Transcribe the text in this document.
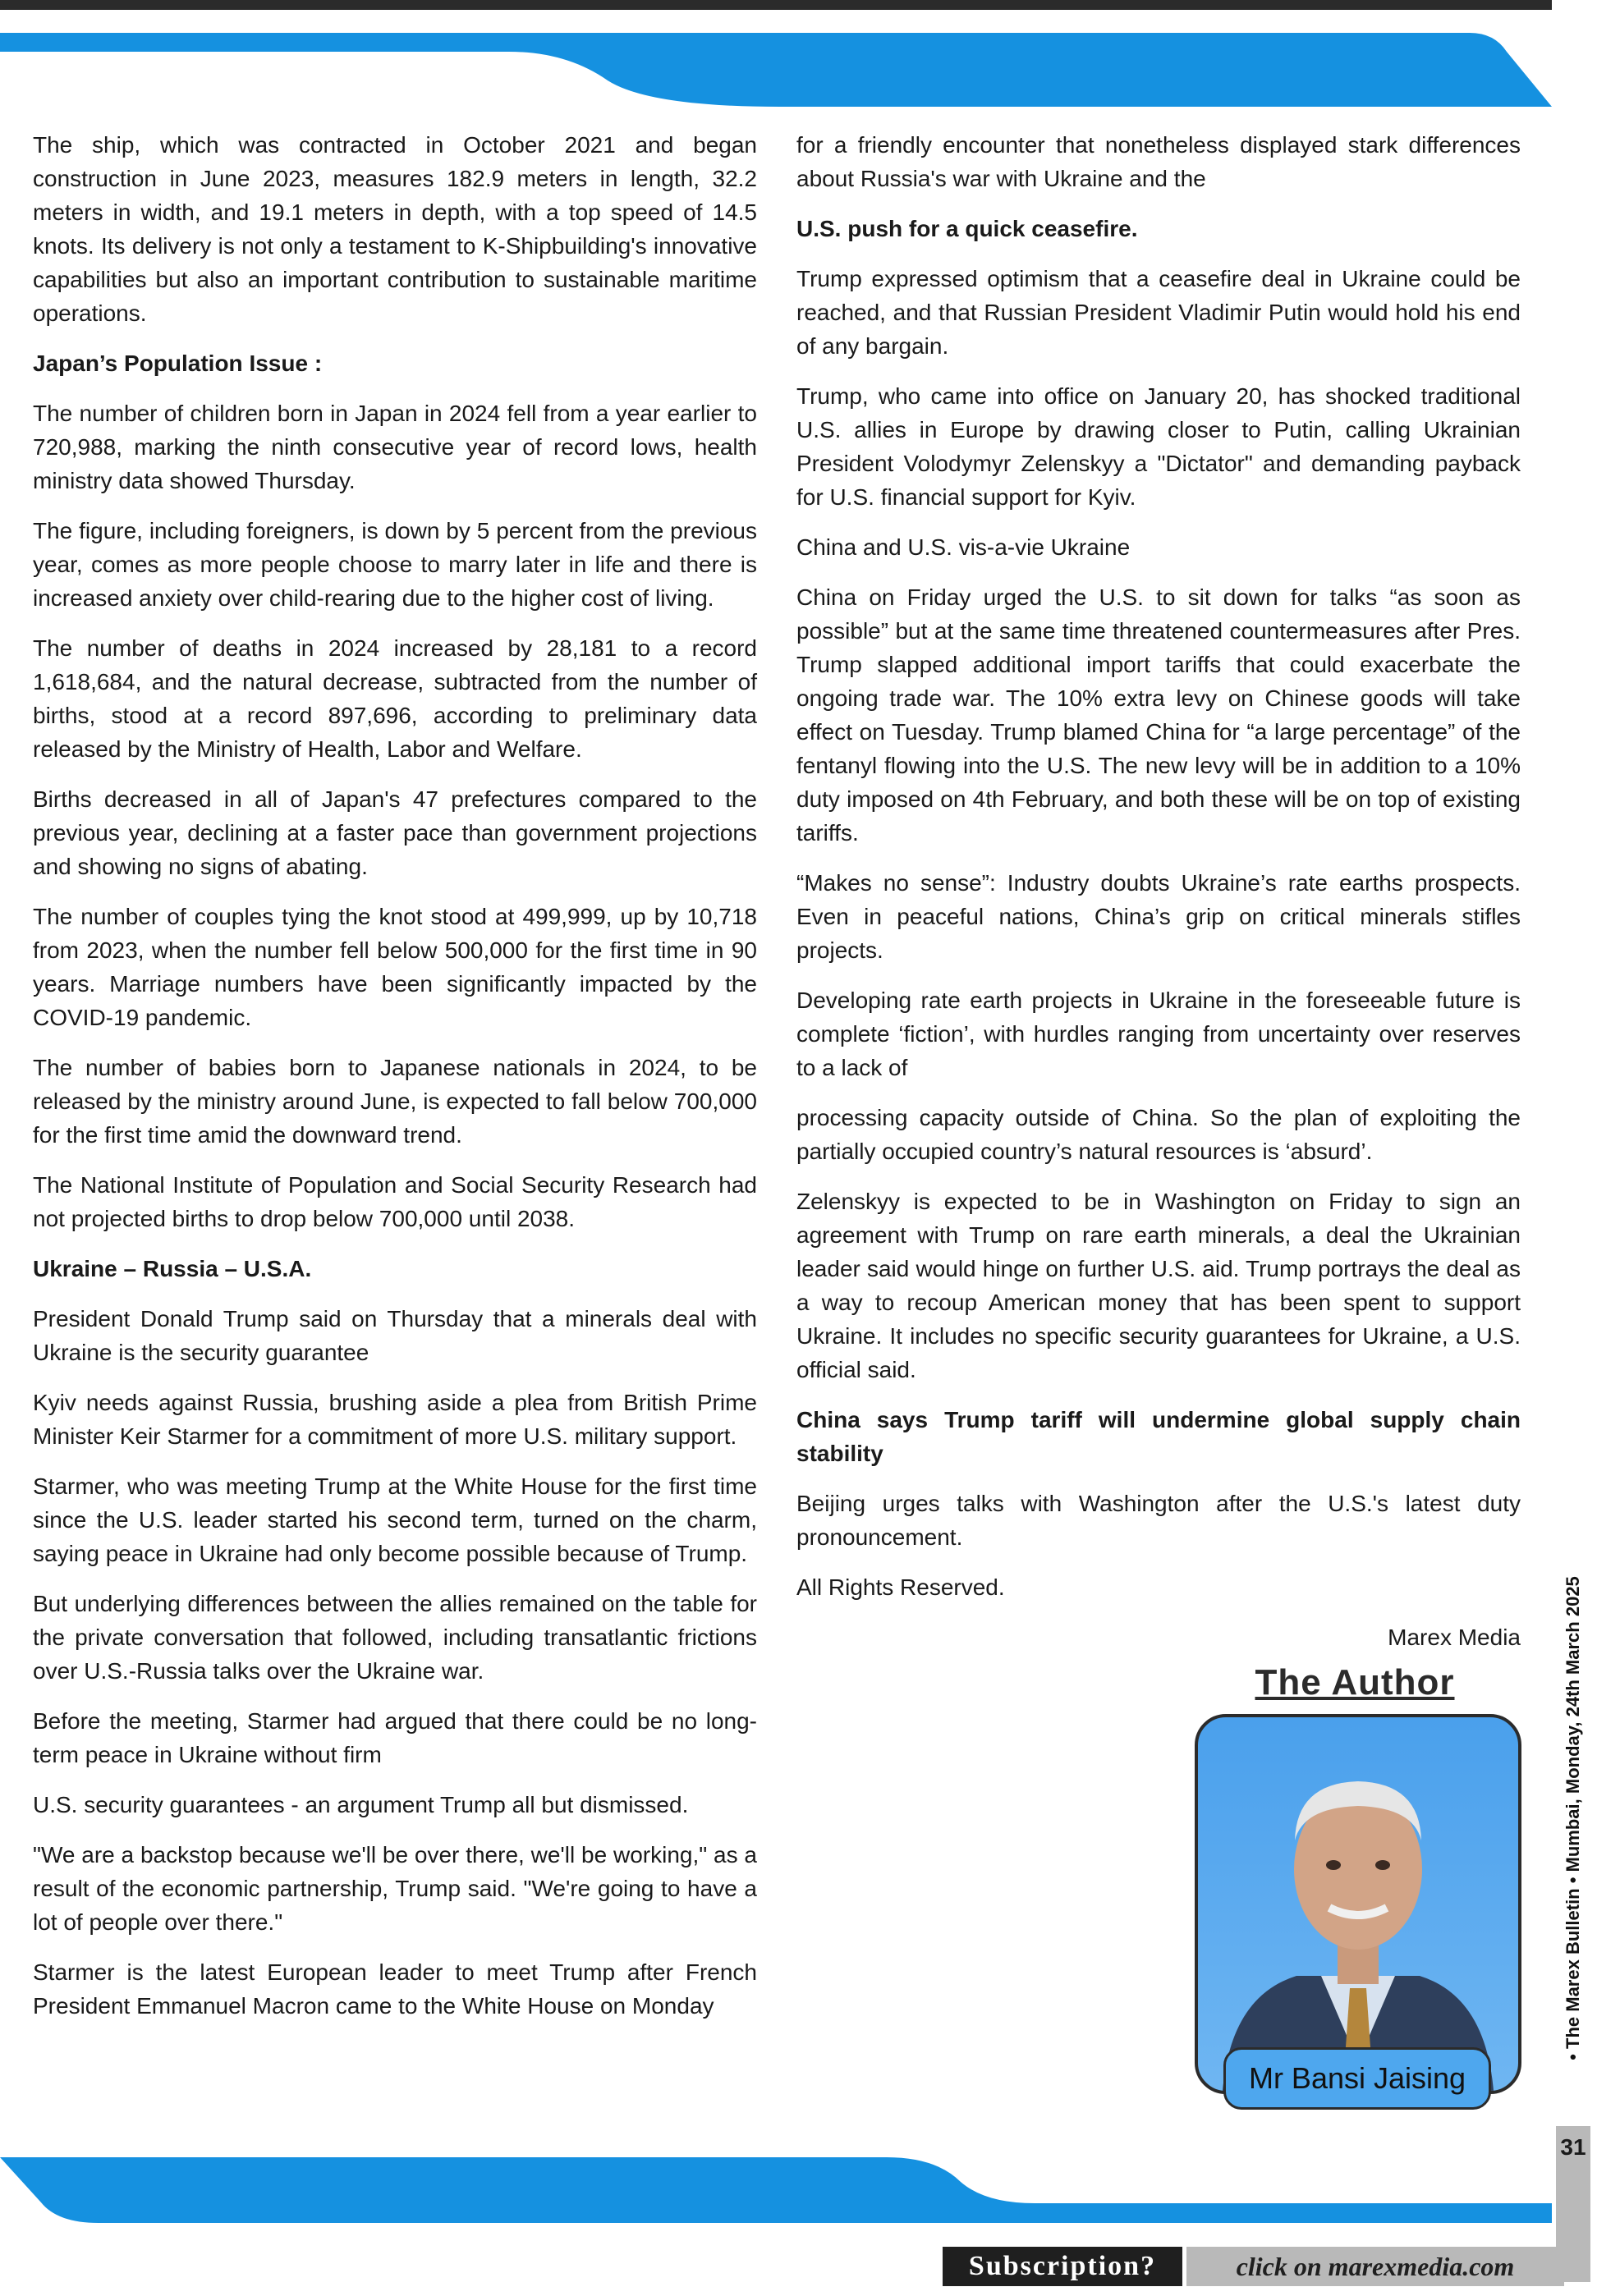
The ship, which was contracted in October 2021 and began construction in June 2023, measures 182.9 meters in length, 32.2 meters in width, and 19.1 meters in depth, with a top speed of 14.5 knots. Its delivery is not only a testament to K-Shipbuilding's innovative capabilities but also an important contribution to sustainable maritime operations.

Japan’s Population Issue :

The number of children born in Japan in 2024 fell from a year earlier to 720,988, marking the ninth consecutive year of record lows, health ministry data showed Thursday.

The figure, including foreigners, is down by 5 percent from the previous year, comes as more people choose to marry later in life and there is increased anxiety over child-rearing due to the higher cost of living.

The number of deaths in 2024 increased by 28,181 to a record 1,618,684, and the natural decrease, subtracted from the number of births, stood at a record 897,696, according to preliminary data released by the Ministry of Health, Labor and Welfare.

Births decreased in all of Japan's 47 prefectures compared to the previous year, declining at a faster pace than government projections and showing no signs of abating.

The number of couples tying the knot stood at 499,999, up by 10,718 from 2023, when the number fell below 500,000 for the first time in 90 years. Marriage numbers have been significantly impacted by the COVID-19 pandemic.

The number of babies born to Japanese nationals in 2024, to be released by the ministry around June, is expected to fall below 700,000 for the first time amid the downward trend.

The National Institute of Population and Social Security Research had not projected births to drop below 700,000 until 2038.

Ukraine – Russia – U.S.A.

President Donald Trump said on Thursday that a minerals deal with Ukraine is the security guarantee

Kyiv needs against Russia, brushing aside a plea from British Prime Minister Keir Starmer for a commitment of more U.S. military support.

Starmer, who was meeting Trump at the White House for the first time since the U.S. leader started his second term, turned on the charm, saying peace in Ukraine had only become possible because of Trump.

But underlying differences between the allies remained on the table for the private conversation that followed, including transatlantic frictions over U.S.-Russia talks over the Ukraine war.

Before the meeting, Starmer had argued that there could be no long-term peace in Ukraine without firm

U.S. security guarantees - an argument Trump all but dismissed.

"We are a backstop because we'll be over there, we'll be working," as a result of the economic partnership, Trump said. "We're going to have a lot of people over there."

Starmer is the latest European leader to meet Trump after French President Emmanuel Macron came to the White House on Monday

for a friendly encounter that nonetheless displayed stark differences about Russia's war with Ukraine and the

U.S. push for a quick ceasefire.

Trump expressed optimism that a ceasefire deal in Ukraine could be reached, and that Russian President Vladimir Putin would hold his end of any bargain.

Trump, who came into office on January 20, has shocked traditional U.S. allies in Europe by drawing closer to Putin, calling Ukrainian President Volodymyr Zelenskyy a "Dictator" and demanding payback for U.S. financial support for Kyiv.

China and U.S. vis-a-vie Ukraine

China on Friday urged the U.S. to sit down for talks “as soon as possible” but at the same time threatened countermeasures after Pres. Trump slapped additional import tariffs that could exacerbate the ongoing trade war. The 10% extra levy on Chinese goods will take effect on Tuesday. Trump blamed China for “a large percentage” of the fentanyl flowing into the U.S. The new levy will be in addition to a 10% duty imposed on 4th February, and both these will be on top of existing tariffs.

“Makes no sense”: Industry doubts Ukraine’s rate earths prospects. Even in peaceful nations, China’s grip on critical minerals stifles projects.

Developing rate earth projects in Ukraine in the foreseeable future is complete ‘fiction’, with hurdles ranging from uncertainty over reserves to a lack of

processing capacity outside of China. So the plan of exploiting the partially occupied country’s natural resources is ‘absurd’.

Zelenskyy is expected to be in Washington on Friday to sign an agreement with Trump on rare earth minerals, a deal the Ukrainian leader said would hinge on further U.S. aid. Trump portrays the deal as a way to recoup American money that has been spent to support Ukraine. It includes no specific security guarantees for Ukraine, a U.S. official said.

China says Trump tariff will undermine global supply chain stability

Beijing urges talks with Washington after the U.S.'s latest duty pronouncement.

All Rights Reserved.

Marex Media

The Author
Mr Bansi Jaising
• The Marex Bulletin • Mumbai, Monday, 24th March 2025
31
Subscription?	click on marexmedia.com
